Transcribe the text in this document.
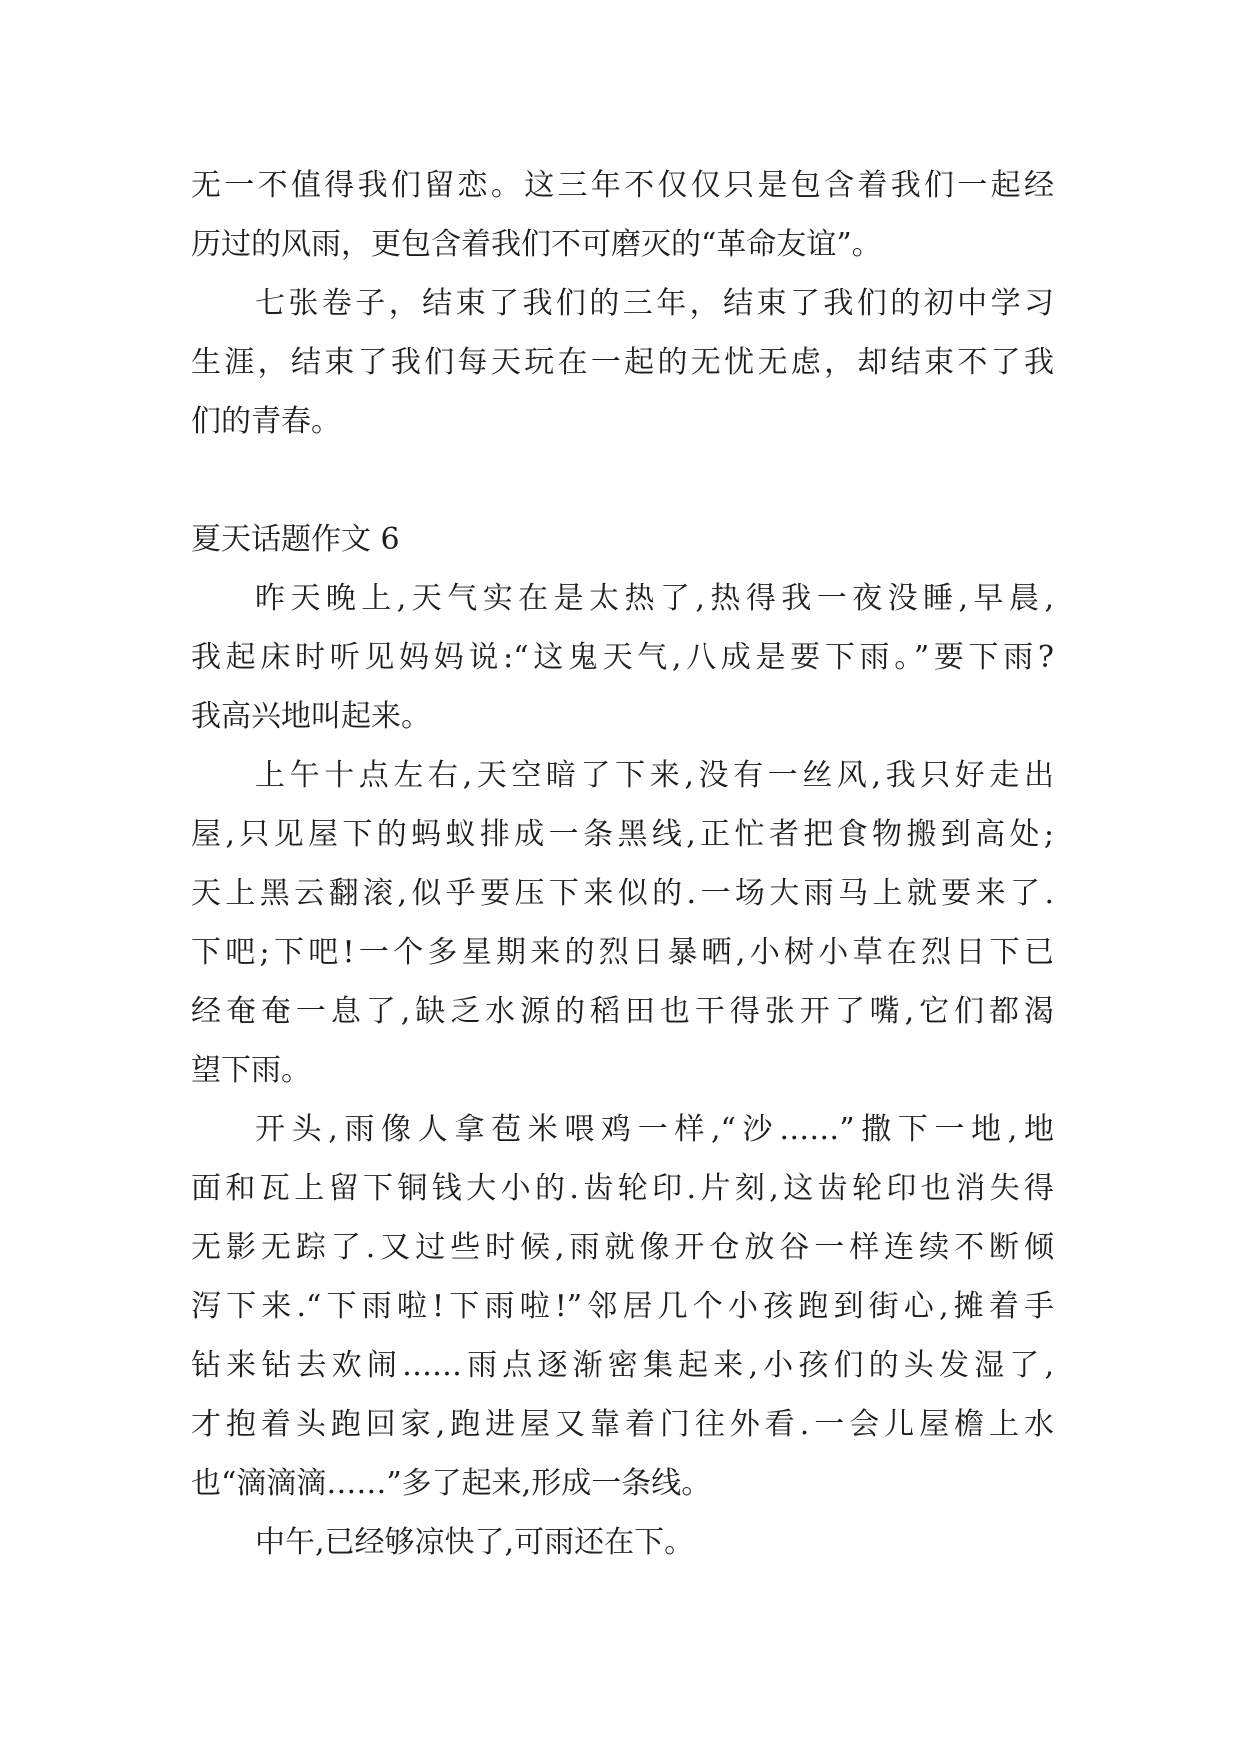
无一不值得我们留恋。这三年不仅仅只是包含着我们一起经
历过的风雨，更包含着我们不可磨灭的“革命友谊”。

七张卷子，结束了我们的三年，结束了我们的初中学习
生涯，结束了我们每天玩在一起的无忧无虑，却结束不了我
们的青春。

夏天话题作文 6

昨天晚上,天气实在是太热了,热得我一夜没睡,早晨,
我起床时听见妈妈说:“这鬼天气,八成是要下雨。”要下雨?
我高兴地叫起来。

上午十点左右,天空暗了下来,没有一丝风,我只好走出
屋,只见屋下的蚂蚁排成一条黑线,正忙者把食物搬到高处;
天上黑云翻滚,似乎要压下来似的.一场大雨马上就要来了.
下吧;下吧!一个多星期来的烈日暴晒,小树小草在烈日下已
经奄奄一息了,缺乏水源的稻田也干得张开了嘴,它们都渴
望下雨。

开头,雨像人拿苞米喂鸡一样,“沙……”撒下一地,地
面和瓦上留下铜钱大小的.齿轮印.片刻,这齿轮印也消失得
无影无踪了.又过些时候,雨就像开仓放谷一样连续不断倾
泻下来.“下雨啦!下雨啦!”邻居几个小孩跑到街心,摊着手
钻来钻去欢闹……雨点逐渐密集起来,小孩们的头发湿了,
才抱着头跑回家,跑进屋又靠着门往外看.一会儿屋檐上水
也“滴滴滴……”多了起来,形成一条线。

中午,已经够凉快了,可雨还在下。
